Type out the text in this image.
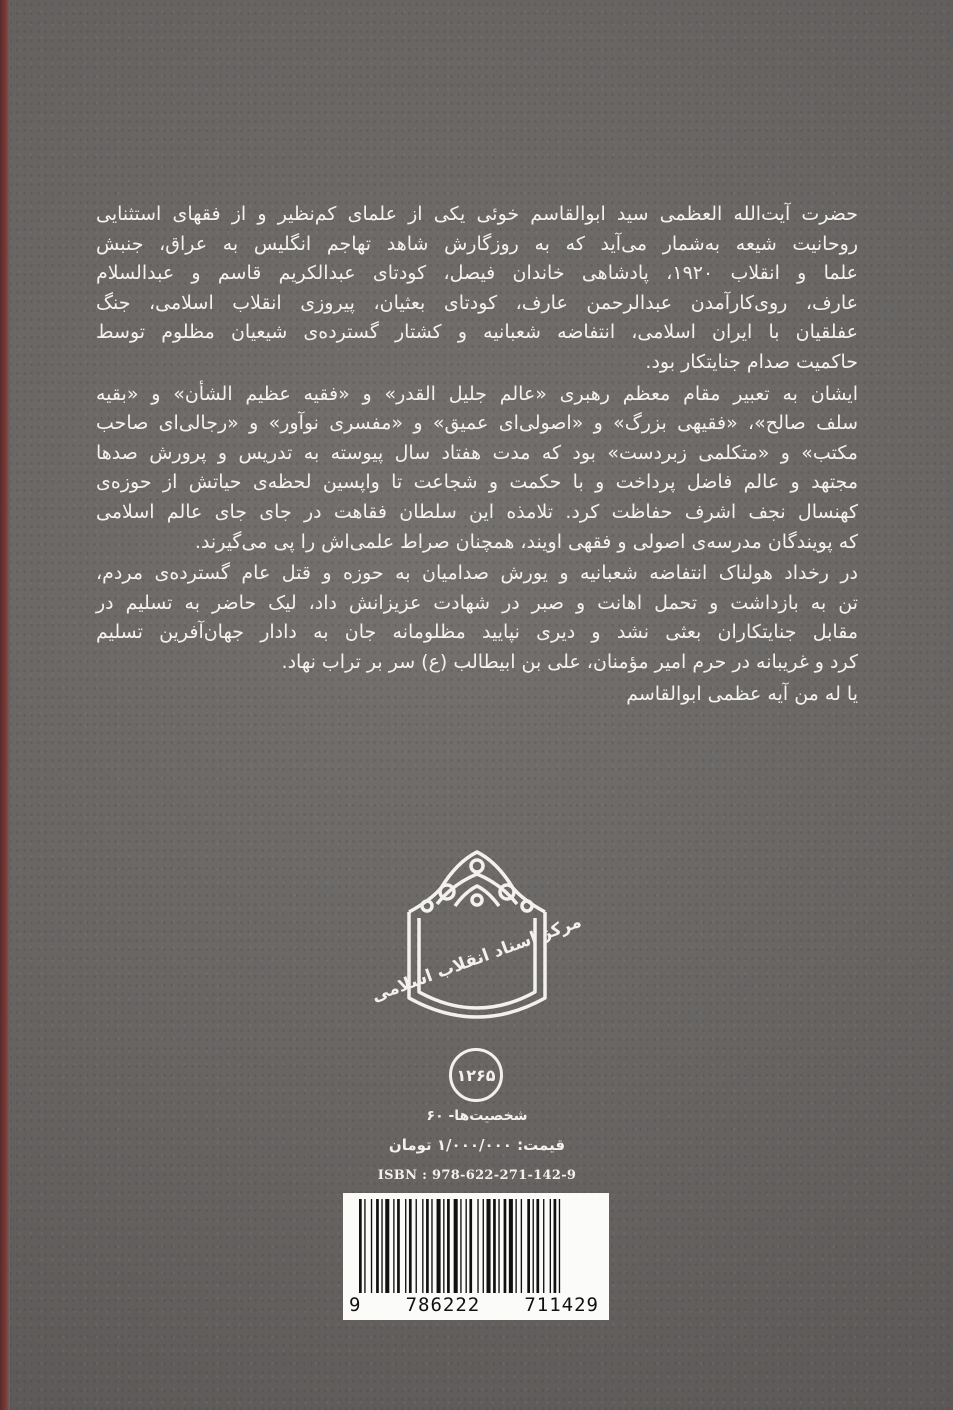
حضرت آیت‌الله العظمی سید ابوالقاسم خوئی یکی از علمای کم‌نظیر و از فقهای استثنایی
روحانیت شیعه به‌شمار می‌آید که به روزگارش شاهد تهاجم انگلیس به عراق، جنبش
علما و انقلاب ۱۹۲۰، پادشاهی خاندان فیصل، کودتای عبدالکریم قاسم و عبدالسلام
عارف، روی‌کارآمدن عبدالرحمن عارف، کودتای بعثیان، پیروزی انقلاب اسلامی، جنگ
عفلقیان با ایران اسلامی، انتفاضه شعبانیه و کشتار گسترده‌ی شیعیان مظلوم توسط
حاکمیت صدام جنایتکار بود.

ایشان به تعبیر مقام معظم رهبری «عالم جلیل القدر» و «فقیه عظیم الشأن» و «بقیه
سلف صالح»، «فقیهی بزرگ» و «اصولی‌ای عمیق» و «مفسری نوآور» و «رجالی‌ای صاحب
مکتب» و «متکلمی زبردست» بود که مدت هفتاد سال پیوسته به تدریس و پرورش صدها
مجتهد و عالم فاضل پرداخت و با حکمت و شجاعت تا واپسین لحظه‌ی حیاتش از حوزه‌ی
کهنسال نجف اشرف حفاظت کرد. تلامذه این سلطان فقاهت در جای جای عالم اسلامی
که پویندگان مدرسه‌ی اصولی و فقهی اویند، همچنان صراط علمی‌اش را پی می‌گیرند.

در رخداد هولناک انتفاضه شعبانیه و یورش صدامیان به حوزه و قتل عام گسترده‌ی مردم،
تن به بازداشت و تحمل اهانت و صبر در شهادت عزیزانش داد، لیک حاضر به تسلیم در
مقابل جنایتکاران بعثی نشد و دیری نپایید مظلومانه جان به دادار جهان‌آفرین تسلیم
کرد و غریبانه در حرم امیر مؤمنان، علی بن ابیطالب (ع) سر بر تراب نهاد.

یا له من آیه عظمی ابوالقاسم

مرکز اسناد انقلاب اسلامی
۱۲۶۵
شخصیت‌ها- ۶۰
قیمت: ۱/۰۰۰/۰۰۰ تومان
ISBN : 978-622-271-142-9
9 786222 711429
